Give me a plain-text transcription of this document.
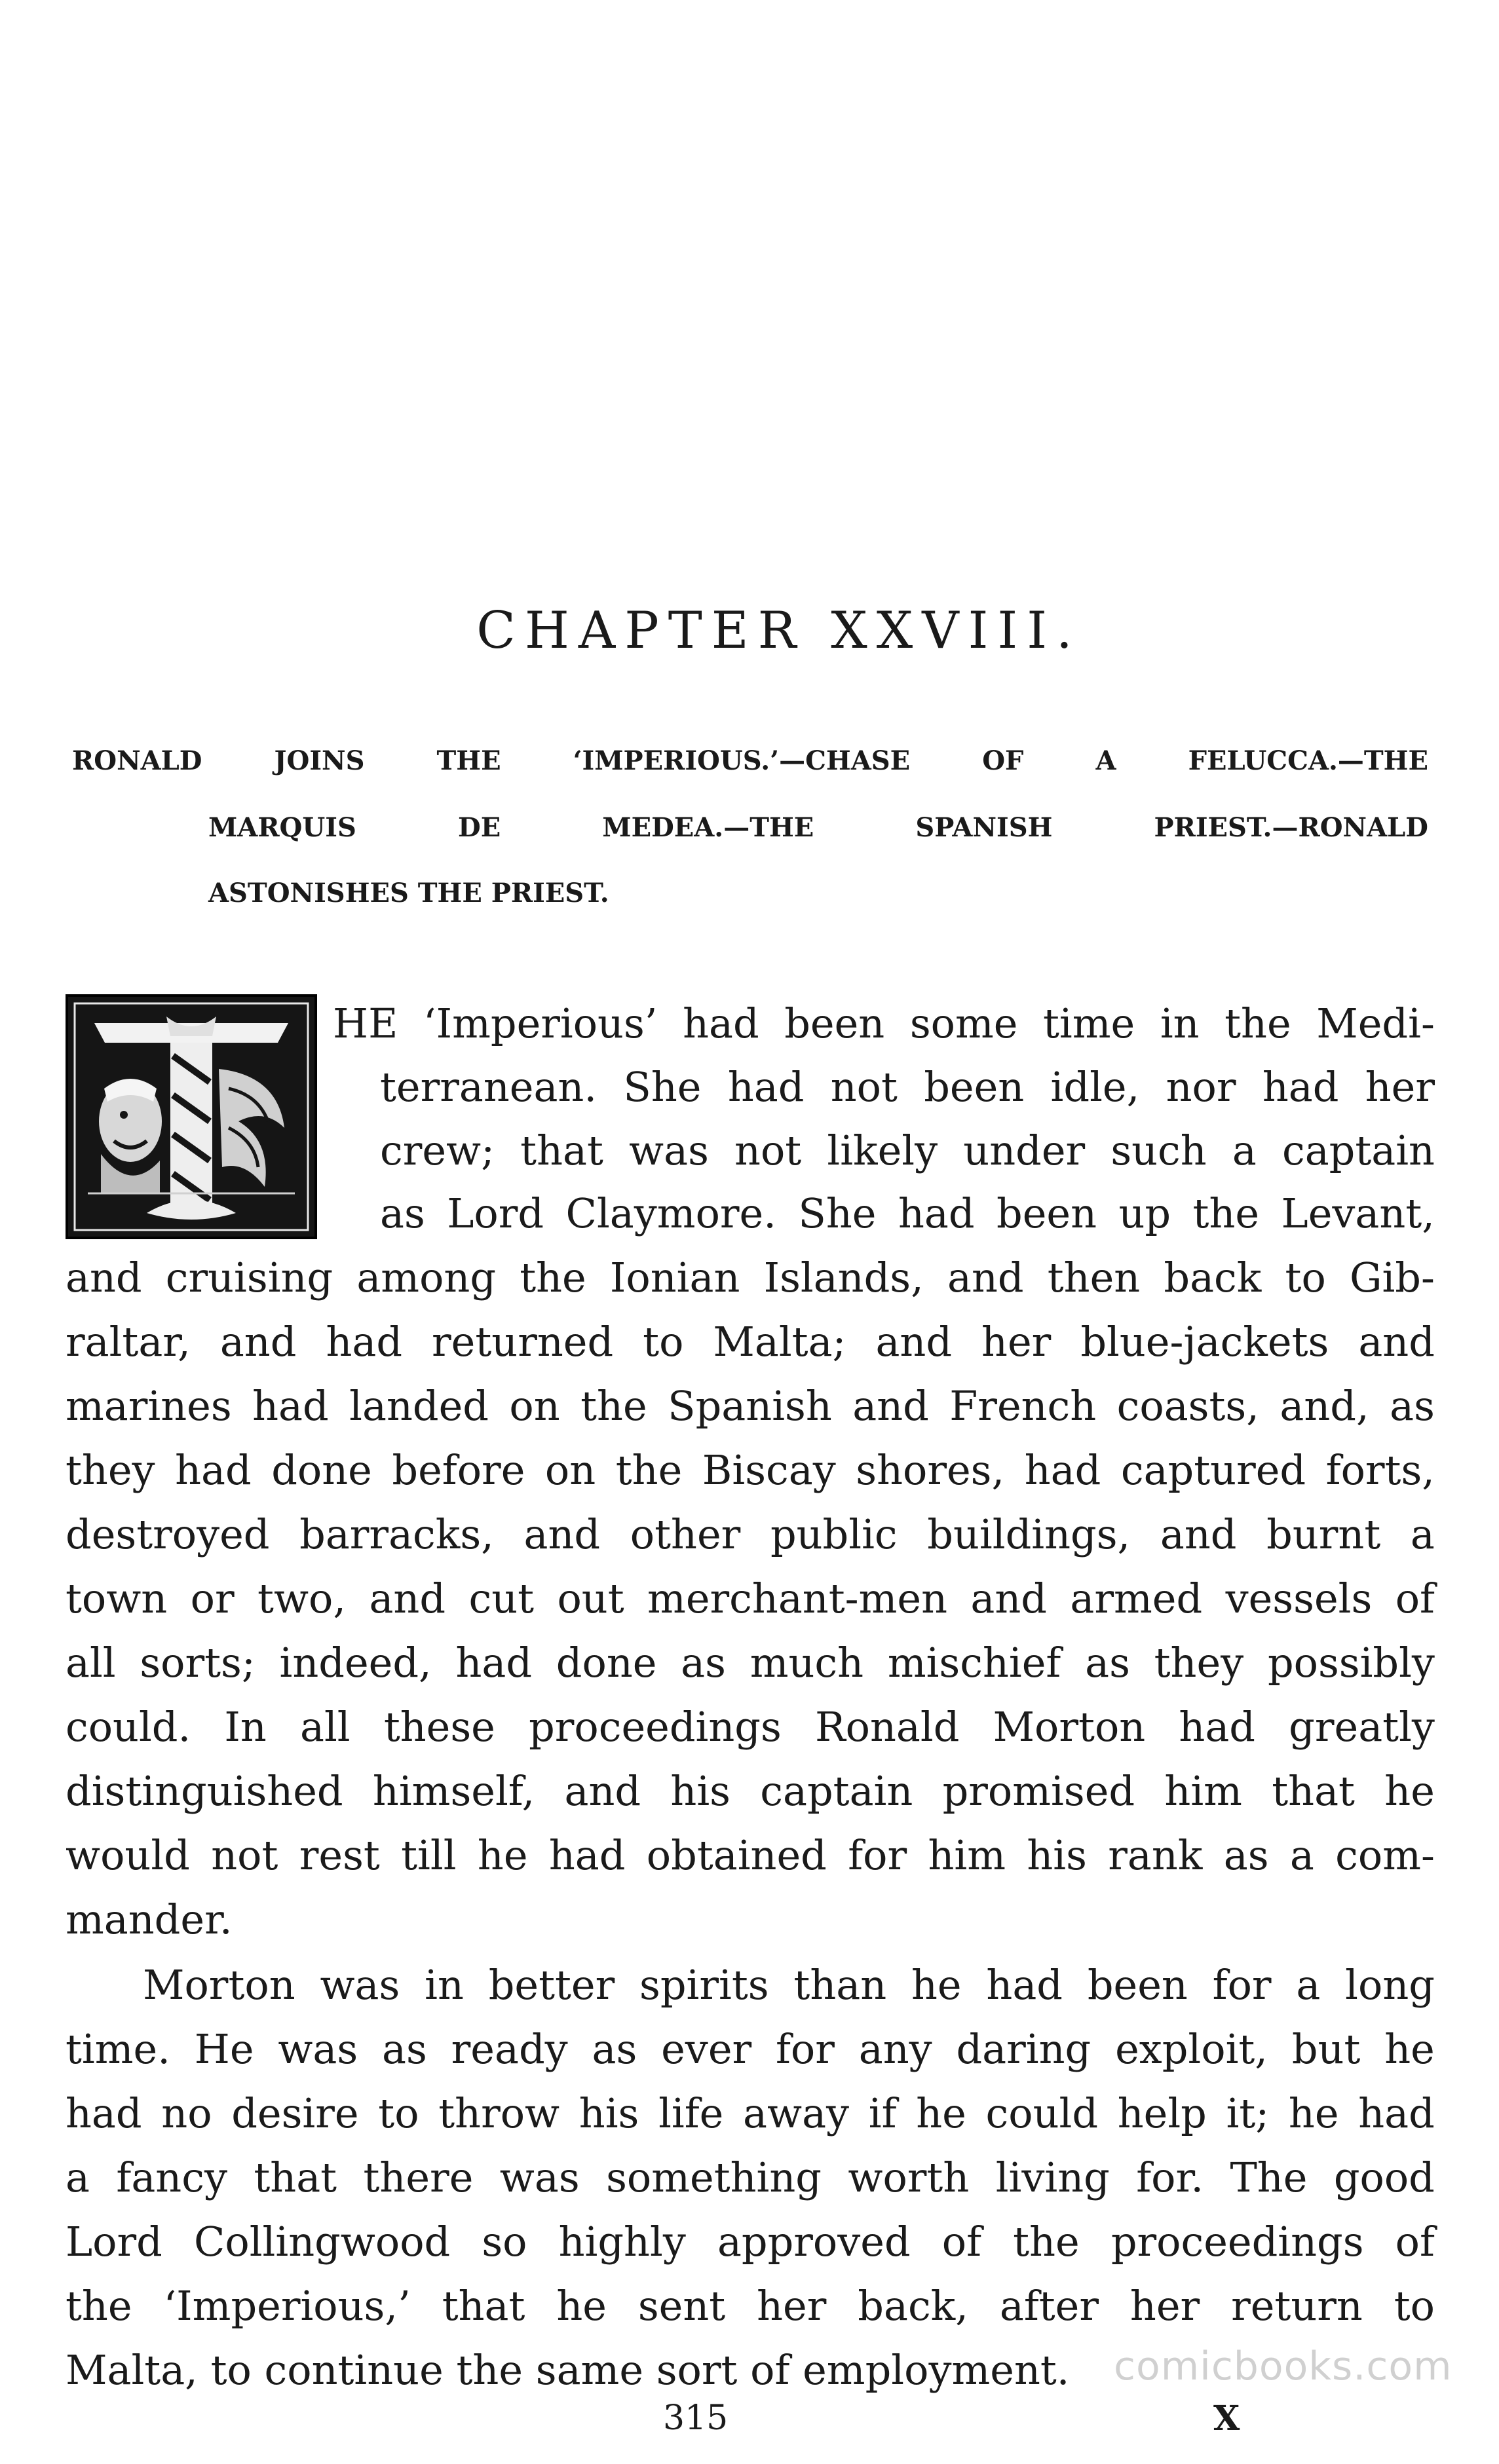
CHAPTER XXVIII.
RONALD	JOINS	THE	‘IMPERIOUS.’—CHASE	OF	A	FELUCCA.—THE
MARQUIS	DE	MEDEA.—THE	SPANISH	PRIEST.—RONALD
ASTONISHES THE PRIEST.
HE ‘Imperious’ had been some time in the Medi-
terranean. She had not been idle, nor had her
crew; that was not likely under such a captain
as Lord Claymore. She had been up the Levant,
and cruising among the Ionian Islands, and then back to Gib-
raltar, and had returned to Malta; and her blue-jackets and
marines had landed on the Spanish and French coasts, and, as
they had done before on the Biscay shores, had captured forts,
destroyed barracks, and other public buildings, and burnt a
town or two, and cut out merchant-men and armed vessels of
all sorts; indeed, had done as much mischief as they possibly
could. In all these proceedings Ronald Morton had greatly
distinguished himself, and his captain promised him that he
would not rest till he had obtained for him his rank as a com-
mander.
Morton was in better spirits than he had been for a long
time. He was as ready as ever for any daring exploit, but he
had no desire to throw his life away if he could help it; he had
a fancy that there was something worth living for. The good
Lord Collingwood so highly approved of the proceedings of
the ‘Imperious,’ that he sent her back, after her return to
Malta, to continue the same sort of employment. comicbooks.com
315	X
